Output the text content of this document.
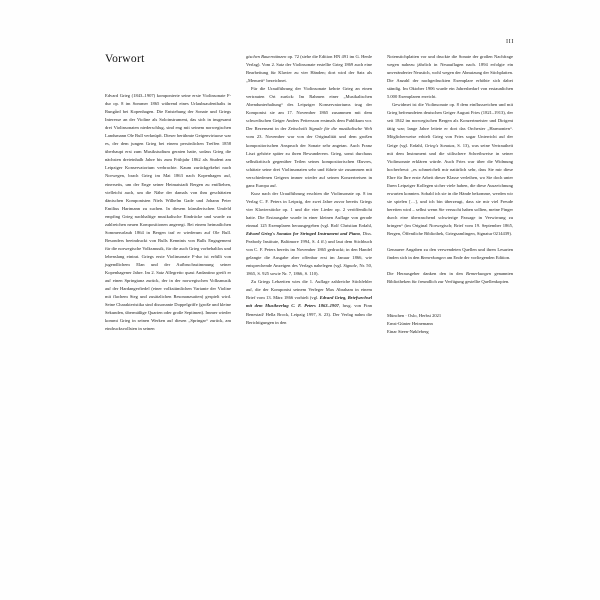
III
Vorwort

Edvard Grieg (1843–1907) komponierte seine erste Violinsonate F-dur op. 8 im Sommer 1865 während eines Urlaubsaufenthalts in Rungård bei Kopenhagen. Die Entstehung der Sonate und Griegs Interesse an der Violine als Soloinstrument, das sich in insgesamt drei Violinsonaten niederschlug, sind eng mit seinem norwegischen Landsmann Ole Bull verknüpft. Dieser berühmte Geigenvirtuose war es, der dem jungen Grieg bei einem persönlichen Treffen 1858 überhaupt erst zum Musikstudium geraten hatte, sodass Grieg die nächsten dreieinhalb Jahre bis zum Frühjahr 1862 als Student am Leipziger Konservatorium verbrachte. Kaum zurückgekehrt nach Norwegen, brach Grieg im Mai 1863 nach Kopenhagen auf, einerseits, um der Enge seiner Heimatstadt Bergen zu entfliehen, vielleicht auch, um die Nähe der damals von ihm geschätzten dänischen Komponisten Niels Wilhelm Gade und Johann Peter Emilius Hartmann zu suchen. In diesem künstlerischen Umfeld empfing Grieg nachhaltige musikalische Eindrücke und wurde zu zahlreichen neuen Kompositionen angeregt. Bei einem heimatlichen Sommerurlaub 1864 in Bergen traf er wiederum auf Ole Bull. Besonders beeindruckt von Bulls Kenntnis von Bulls Engagement für die norwegische Volksmusik, für die auch Grieg vorbehaltlos und lebenslang eintrat. Griegs erste Violinsonate F-dur ist erfüllt von jugendlichem Elan und der Aufbruchsstimmung seiner Kopenhagener Jahre. Im 2. Satz Allegretto quasi Andantino greift er auf einen Springtanz zurück, der in der norwegischen Volksmusik auf der Hardangerfiedel (einer volkstümlichen Variante der Violine mit flachem Steg und zusätzlichen Resonanzsaiten) gespielt wird. Seine Charakteristika sind dissonante Doppelgriffe (große und kleine Sekunden, übermäßige Quarten oder große Septimen). Immer wieder kommt Grieg in seinen Werken auf diesen „Springar“ zurück, am eindrucksvollsten in seinen

gischen Bauerntänzen op. 72 (siehe die Edition HN 491 im G. Henle Verlag). Vom 2. Satz der Violinsonate erstellte Grieg 1869 auch eine Bearbeitung für Klavier zu vier Händen; dort wird der Satz als „Menuett“ bezeichnet.

Für die Uraufführung der Violinsonate kehrte Grieg an einen vertrauten Ort zurück: Im Rahmen einer „Musikalischen Abendunterhaltung“ des Leipziger Konservatoriums trug der Komponist sie am 17. November 1865 zusammen mit dem schwedischen Geiger Anders Pettersson erstmals dem Publikum vor. Der Rezensent in der Zeitschrift Signale für die musikalische Welt vom 23. November war von der Originalität und dem großen kompositorischen Anspruch der Sonate sehr angetan. Auch Franz Liszt gehörte später zu ihren Bewunderern. Grieg, sonst durchaus selbstkritisch gegenüber Teilen seines kompositorischen Œuvres, schätzte seine drei Violinsonaten sehr und führte sie zusammen mit verschiedenen Geigern immer wieder auf seinen Konzertreisen in ganz Europa auf.

Kurz nach der Uraufführung erschien die Violinsonate op. 8 im Verlag C. F. Peters in Leipzig, der zwei Jahre zuvor bereits Griegs vier Klavierstücke op. 1 und die vier Lieder op. 2 veröffentlicht hatte. Die Erstausgabe wurde in einer kleinen Auflage von gerade einmal 125 Exemplaren herausgegeben (vgl. Rolf Christian Erdahl, Edvard Grieg's Sonatas for Stringed Instrument and Piano, Diss. Peabody Institute, Baltimore 1994, S. 4 ff.) und laut dem Stichbuch von C. F. Peters bereits im November 1865 gedruckt; in den Handel gelangte die Ausgabe aber offenbar erst im Januar 1866, wie entsprechende Anzeigen des Verlags nahelegen (vgl. Signale, Nr. 50, 1865, S. 925 sowie Nr. 7, 1866, S. 110).

Zu Griegs Lebzeiten wies die 1. Auflage zahlreiche Stichfehler auf, die der Komponist seinem Verleger Max Abraham in einem Brief vom 13. März 1866 vorhielt (vgl. Edvard Grieg, Briefwechsel mit dem Musikverlag C. F. Peters 1863–1907, hrsg. von Finn Benestad/ Hella Brock, Leipzig 1997, S. 23). Der Verlag nahm die Berichtigungen in den

Notenstichplatten vor und druckte die Sonate der großen Nachfrage wegen nahezu jährlich in Neuauflagen nach. 1894 erfolgte ein unveränderter Neustich, wohl wegen der Abnutzung der Stichplatten. Die Anzahl der nachgedruckten Exemplare erhöhte sich dabei ständig. Im Oktober 1906 wurde ein Jahresbedarf von erstaunlichen 5.000 Exemplaren erreicht.

Gewidmet ist die Violinsonate op. 8 dem einflussreichen und mit Grieg befreundeten deutschen Geiger August Fries (1821–1913), der seit 1842 im norwegischen Bergen als Konzertmeister und Dirigent tätig war; lange Jahre leitete er dort das Orchester „Harmonien“. Möglicherweise erhielt Grieg von Fries sogar Unterricht auf der Geige (vgl. Erdahl, Grieg's Sonatas, S. 13), was seine Vertrautheit mit dem Instrument und die stilischere Schreibweise in seiner Violinsonate erklären würde. Auch Fries war über die Widmung hocherfreut: „es schmeichelt mir natürlich sehr, dass Sie mir diese Ehre für Ihre erste Arbeit dieser Klasse verleihen, wo Sie doch unter Ihren Leipziger Kollegen sicher viele haben, die diese Auszeichnung erwarten konnten. Sobald ich sie in die Hände bekomme, werden wir sie spielen […], und ich bin überzeugt, dass sie mir viel Freude bereiten wird – selbst wenn Sie versucht haben sollten, meine Finger durch eine überraschend schwierige Passage in Verwirrung zu bringen“ (im Original Norwegisch; Brief vom 19. September 1865, Bergen, Öffentliche Bibliothek, Griegsamlingen, Signatur 0214439).

Genauere Angaben zu den verwendeten Quellen und ihren Lesarten finden sich in den Bemerkungen am Ende der vorliegenden Edition.

Die Herausgeber danken den in den Bemerkungen genannten Bibliotheken für freundlich zur Verfügung gestellte Quellenkopien.

München · Oslo, Herbst 2021
Ernst-Günter Heinemann
Einar Steen-Nøkleberg
